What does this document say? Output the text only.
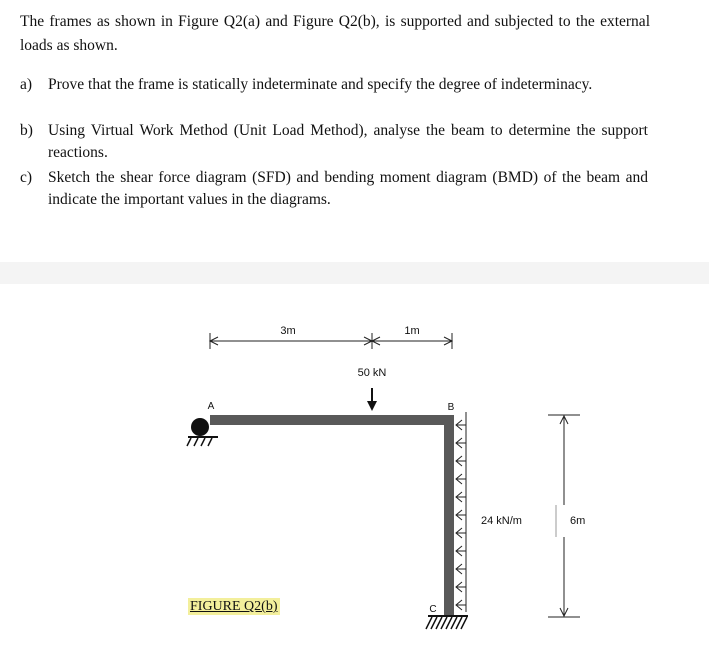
The frames as shown in Figure Q2(a) and Figure Q2(b), is supported and subjected to the external loads as shown.
a) Prove that the frame is statically indeterminate and specify the degree of indeterminacy.
b) Using Virtual Work Method (Unit Load Method), analyse the beam to determine the support reactions.
c) Sketch the shear force diagram (SFD) and bending moment diagram (BMD) of the beam and indicate the important values in the diagrams.
3m	1m
50 kN
A	B
C
24 kN/m	6m
FIGURE Q2(b)
